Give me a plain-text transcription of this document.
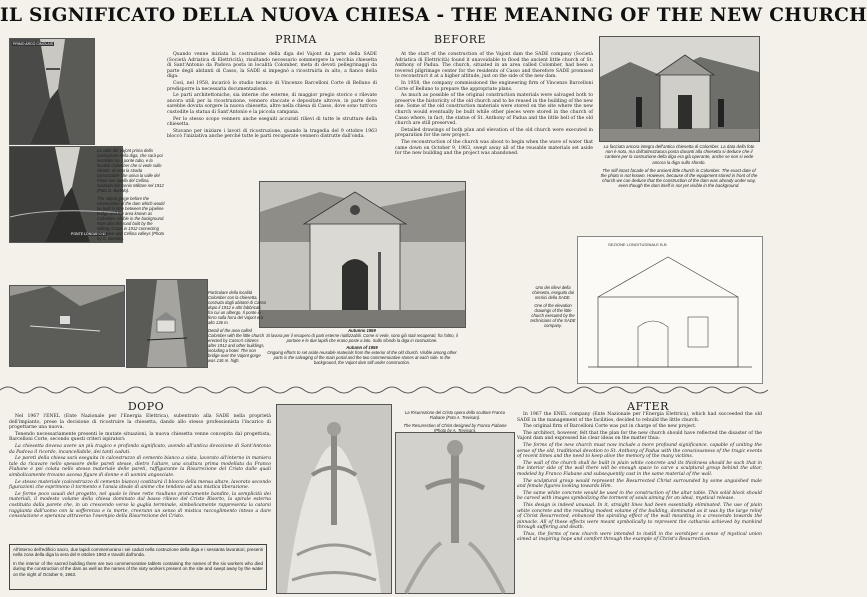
IL SIGNIFICATO DELLA NUOVA CHIESA - THE MEANING OF THE NEW CHURCH
PRIMA	BEFORE
PRIMO ARCO CIMOLAIS
PONTE LONGARONE

Quando venne iniziata la costruzione della diga del Vajont da parte della SADE (Società Adriatica di Elettricità), risultando necessario sommergere la vecchia chiesetta di Sant'Antonio da Padova posta in località Colomber, meta di devoti pellegrinaggi da parte degli abitanti di Casso, la SADE si impegnò a ricostruirla in alto, a fianco della diga.

Così, nel 1958, incaricò lo studio tecnico di Vincenzo Barcelloni Corte di Belluno di predisporre la necessaria documentazione.

Le parti architettoniche, sia interne che esterne, di maggior pregio storico o rilevate ancora utili per la ricostruzione, vennero staccate e depositate altrove, in parte dove sarebbe dovuta sorgere la nuova chiesetta, altre nella chiesa di Casso, dove sono tutt'ora custodite la statua di Sant'Antonio e la piccola campana.

Per lo stesso scopo vennero anche eseguiti accurati rilievi di tutte le strutture della chiesetta.

Stavano per iniziare i lavori di ricostruzione, quando la tragedia del 9 ottobre 1963 bloccò l'iniziativa anche perché tutte le parti recuperate vennero distrutte dall'onda.

At the start of the construction of the Vajont dam the SADE company (Società Adriatica di Elettricità) found it unavoidable to flood the ancient little church of St. Anthony of Padua. The church, situated in an area called Colomber, had been a revered pilgrimage center for the residents of Casso and therefore SADE promised to reconstruct it at a higher altitude, just on the side of the new dam.

In 1958, the company commissioned the engineering firm of Vincenzo Barcelloni Corte of Belluno to prepare the appropriate plans.

As much as possible of the original construction materials were salvaged both to preserve the historicity of the old church and to be reused in the building of the new one. Some of the old construction materials were stored on the site where the new church would eventually be built while other pieces were stored in the church of Casso where, in fact, the statue of St. Anthony of Padua and the little bell of the old church are still preserved.

Detailed drawings of both plan and elevation of the old church were executed in preparation for the new project.

The reconstruction of the church was about to begin when the wave of water that came down on October 9, 1963, swept away all of the reusable materials set aside for the new building and the project was abandoned.

La facciata ancora integra dell'antica chiesetta di Colomber. La data della foto non è nota, ma dall'attrezzatura posta davanti alla chiesetta si deduce che il cantiere per la costruzione della diga era già operante, anche se non si vede ancora la diga sullo sfondo.

The still intact facade of the ancient little church in Colomber. The exact date of the photo is not known. However, because of the equipment stored in front of the church we can deduce that the construction of the dam was already under way, even though the dam itself is not yet visible in the background.

La valle del Vajont prima della costruzione della diga, che sarà poi installata tra il ponte tubo, e la località Colomber che si vede sullo sfondo. Si nota la strada carrozzabile che univa la valle del Piave con quella del Cellina, costruita dal Genio Militare nel 1912 (Foto G. Bertolo).

The Vajont gorge before the construction of the dam which would be built in time between the pipeline bridge and the area known as Colomber, visible in the background. Note also the road built by the Military Corps in 1912 connecting the Piave and Cellina valleys (Photo by G. Bertolo).

Particolare della località Colomber con la chiesetta, costruita dagli abitanti di Casso dopo il 1912 e altri fabbricati, fra cui un albergo. Il ponte in ferro sulla forra del Vajont era alto 136 m.

Detail of the area called Colomber with the little church erected by Casso's citizens after 1912 and other buildings, including a hotel. The iron bridge over the Vajont gorge was 136 m. high.

Autunno 1959

Si lavora per il recupero di parti esterne riutilizzabili. Come si vede, sono già stati recuperati, fra l'altro, il portone e le due lapidi che erano poste a lato. Sullo sfondo la diga in costruzione.

Autumn of 1959

Ongoing efforts to set aside reusable materials from the exterior of the old church. Visible among other parts is the salvaging of the main portal and the two commemorative stones at each side. In the background, the Vajont dam still under construction.

SEZIONE LONGITUDINALE B-B

Uno dei rilievi della chiesetta, eseguito dai tecnici della SADE.

One of the elevation drawings of the little church executed by the technicians of the SADE company.

DOPO	AFTER

Nel 1967 l'ENEL (Ente Nazionale per l'Energia Elettrica), subentrato alla SADE nella proprietà dell'impianto, prese la decisione di ricostruire la chiesetta, dando allo stesso professionista l'incarico di progettarne una nuova.

Tenendo necessariamente presenti le mutate situazioni, la nuova chiesetta venne concepita dal progettista, Barcelloni Corte, secondo questi criteri ispiratori:

La chiesetta doveva avere un più tragico e profondo significato, avendo all'antica devozione di Sant'Antonio da Padova il ricordo, incancellabile, dei tanti caduti.

Le pareti della chiesa sarà eseguita in calcestruzzo di cemento bianco a vista, lavorato all'interno in maniera tale da ricavare nello spessore delle pareti stesse, dietro l'altare, una scultura prima modellata da Franco Fiabane e poi colata nello stesso materiale delle pareti, raffigurante la Risurrezione del Cristo dalle quali simbolicamente trovano ascesa figure di donne e di uomini angosciate.

Le stesso materiale (calcestruzzo di cemento bianco) costituirà il blocco della mensa altare, lavorato secondo figurazioni che esprimono il tormento e l'ansia ideale di anime che tendono ad una mistica liberazione.

Le forme poco usuali del progetto, nel quale le linee rette risultano praticamente bandite, la semplicità dei materiali, il modesto volume della chiesa dominato dal basso rilievo del Cristo Risorto, la spirale esterna costituita dalla parete che, in un crescendo verso la guglia terminale, simbolicamente rappresenta la catarsi raggiunta dall'uomo con la sofferenza e la morte, creerann un senso di mistica raccoglimento inteso a dare consolazione e speranza attraverso l'esempio della Risurrezione del Cristo.

All'interno dell'edificio sacro, due lapidi commemorano i sei caduti nella costruzione della diga e i sessanta lavoratori, presenti nella zona della diga la sera del 9 ottobre 1963 e travolti dall'onda.

In the interior of the sacred building there are two commemorative tablets containing the names of the six workers who died during the construction of the dam as well as the names of the sixty workers present on the site and swept away by the water on the night of October 9, 1963.

La Risurrezione del Cristo opera dello scultore Franco Fiabane (Foto A. Trevisan).

The Resurrection of Christ designed by Franco Fiabane (Photo by A. Trevisan).

In 1967 the ENEL company (Ente Nazionale per l'Energia Elettrica), which had succeeded the old SADE in the management of the facilities, decided to rebuild the little church.

The original firm of Barcelloni Corte was put in charge of the new project.

The architect, however, felt that the plan for the new church should have reflected the disaster of the Vajont dam and expressed his clear ideas on the matter thus:

The forms of the new church must now include a more profound significance, capable of uniting the sense of the old, traditional devotion to St. Anthony of Padua with the consciousness of the tragic events of recent times and the need to keep alive the memory of the many victims.

The wall of the church shall be built in plain white concrete and its thickness should be such that in the interior side of the wall there will be enough space to carve a sculptural group behind the altar, modeled by Franco Fiabane and subsequently cast in the same material of the wall.

The sculptural group would represent the Resurrected Christ surrounded by some anguished male and female figures looking towards Him.

The same white concrete would be used in the construction of the altar table. This solid block should be carved with images symbolizing the torment of souls aiming for an ideal, mystical release.

This design is indeed unusual. In it, straight lines had been essentially eliminated. The use of plain white concrete and the resulting modest volume of the building, dominated as it was by the large relief of Christ Resurrected, enhanced the spiraling effect of the wall mounting in a crescendo towards the pinnacle. All of these effects were meant symbolically to represent the catharsis achieved by mankind through suffering and death.

Thus, the forms of new church were intended to instill in the worshiper a sense of mystical union aimed at inspiring hope and comfort through the example of Christ's Resurrection.
